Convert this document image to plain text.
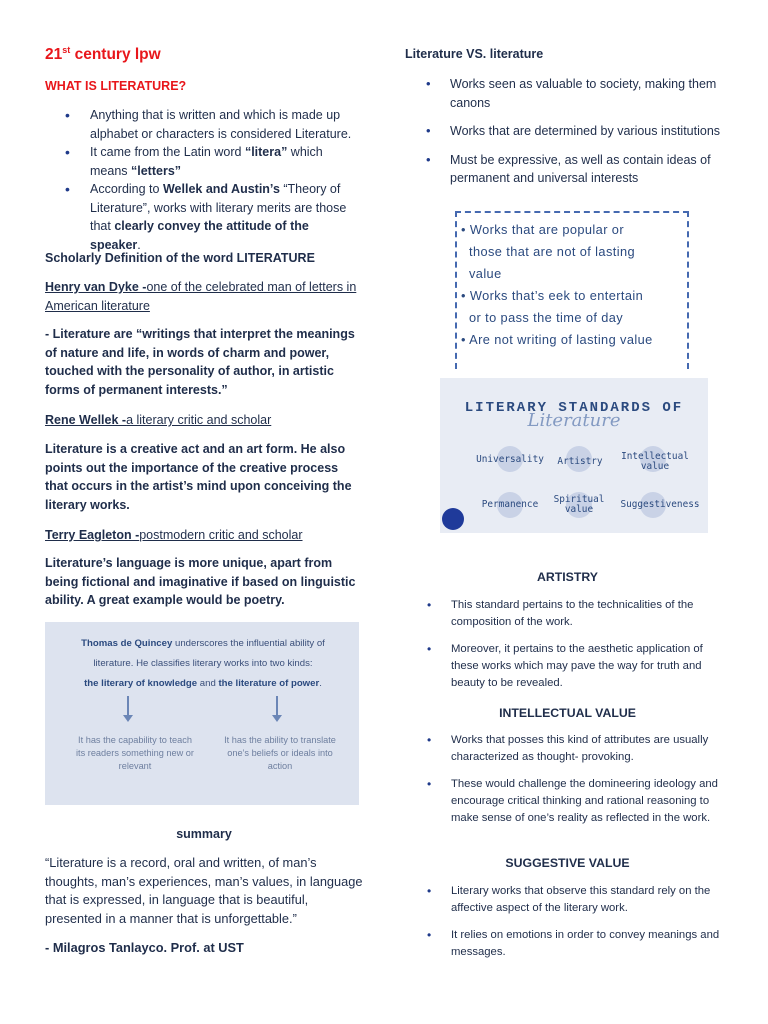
21st century lpw
WHAT IS LITERATURE?
• Anything that is written and which is made up alphabet or characters is considered Literature.
• It came from the Latin word “litera” which means “letters”
• According to Wellek and Austin’s “Theory of Literature”, works with literary merits are those that clearly convey the attitude of the speaker.
Scholarly Definition of the word LITERATURE
Henry van Dyke -one of the celebrated man of letters in American literature
- Literature are “writings that interpret the meanings of nature and life, in words of charm and power, touched with the personality of author, in artistic forms of permanent interests.”
Rene Wellek -a literary critic and scholar
Literature is a creative act and an art form. He also points out the importance of the creative process that occurs in the artist’s mind upon conceiving the literary works.
Terry Eagleton -postmodern critic and scholar
Literature’s language is more unique, apart from being fictional and imaginative if based on linguistic ability. A great example would be poetry.
Thomas de Quincey underscores the influential ability of literature. He classifies literary works into two kinds:
the literary of knowledge and the literature of power.
It has the capability to teach its readers something new or relevant
It has the ability to translate one’s beliefs or ideals into action
summary
“Literature is a record, oral and written, of man’s thoughts, man’s experiences, man’s values, in language that is expressed, in language that is beautiful, presented in a manner that is unforgettable.”
- Milagros Tanlayco. Prof. at UST
Literature VS. literature
• Works seen as valuable to society, making them canons
• Works that are determined by various institutions
• Must be expressive, as well as contain ideas of permanent and universal interests
• Works that are popular or
those that are not of lasting
value
• Works that’s eek to entertain
or to pass the time of day
• Are not writing of lasting value
LITERARY STANDARDS OF
Literature
Universality	Artistry	Intellectual value
Permanence	Spiritual value	Suggestiveness
ARTISTRY
• This standard pertains to the technicalities of the composition of the work.
• Moreover, it pertains to the aesthetic application of these works which may pave the way for truth and beauty to be revealed.
INTELLECTUAL VALUE
• Works that posses this kind of attributes are usually characterized as thought- provoking.
• These would challenge the domineering ideology and encourage critical thinking and rational reasoning to make sense of one’s reality as reflected in the work.
SUGGESTIVE VALUE
• Literary works that observe this standard rely on the affective aspect of the literary work.
• It relies on emotions in order to convey meanings and messages.
